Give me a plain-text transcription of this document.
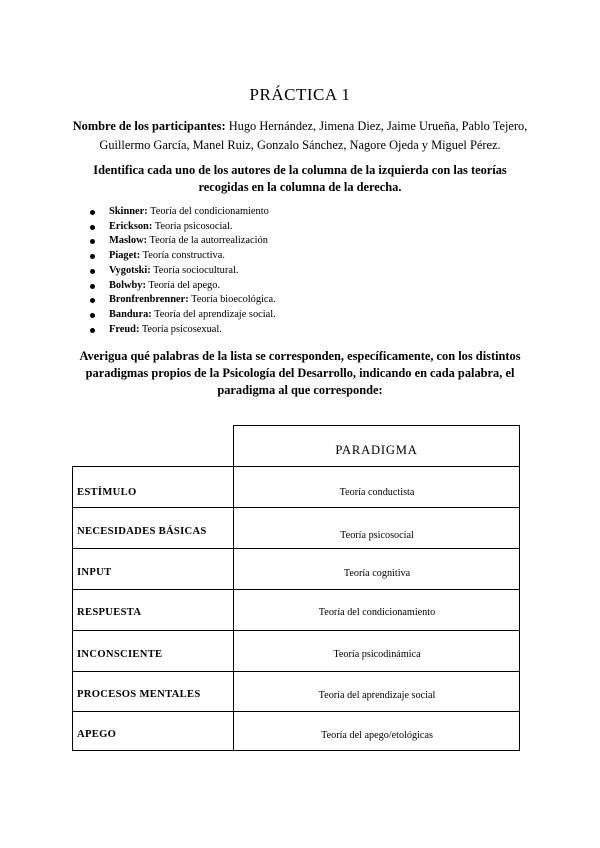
PRÁCTICA 1
Nombre de los participantes: Hugo Hernández, Jimena Diez, Jaime Urueña, Pablo Tejero, Guillermo García, Manel Ruiz, Gonzalo Sánchez, Nagore Ojeda y Miguel Pérez.
Identifica cada uno de los autores de la columna de la izquierda con las teorías recogidas en la columna de la derecha.
Skinner: Teoría del condicionamiento
Erickson: Teoría psicosocial.
Maslow: Teoría de la autorrealización
Piaget: Teoría constructiva.
Vygotski: Teoría sociocultural.
Bolwby: Teoría del apego.
Bronfrenbrenner: Teoría bioecológica.
Bandura: Teoría del aprendizaje social.
Freud: Teoría psicosexual.
Averigua qué palabras de la lista se corresponden, específicamente, con los distintos paradigmas propios de la Psicología del Desarrollo, indicando en cada palabra, el paradigma al que corresponde:
PARADIGMA
ESTÍMULO	Teoría conductista
NECESIDADES BÁSICAS	Teoría psicosocial
INPUT	Teoría cognitiva
RESPUESTA	Teoría del condicionamiento
INCONSCIENTE	Teoría psicodinámica
PROCESOS MENTALES	Teoría del aprendizaje social
APEGO	Teoría del apego/etológicas
